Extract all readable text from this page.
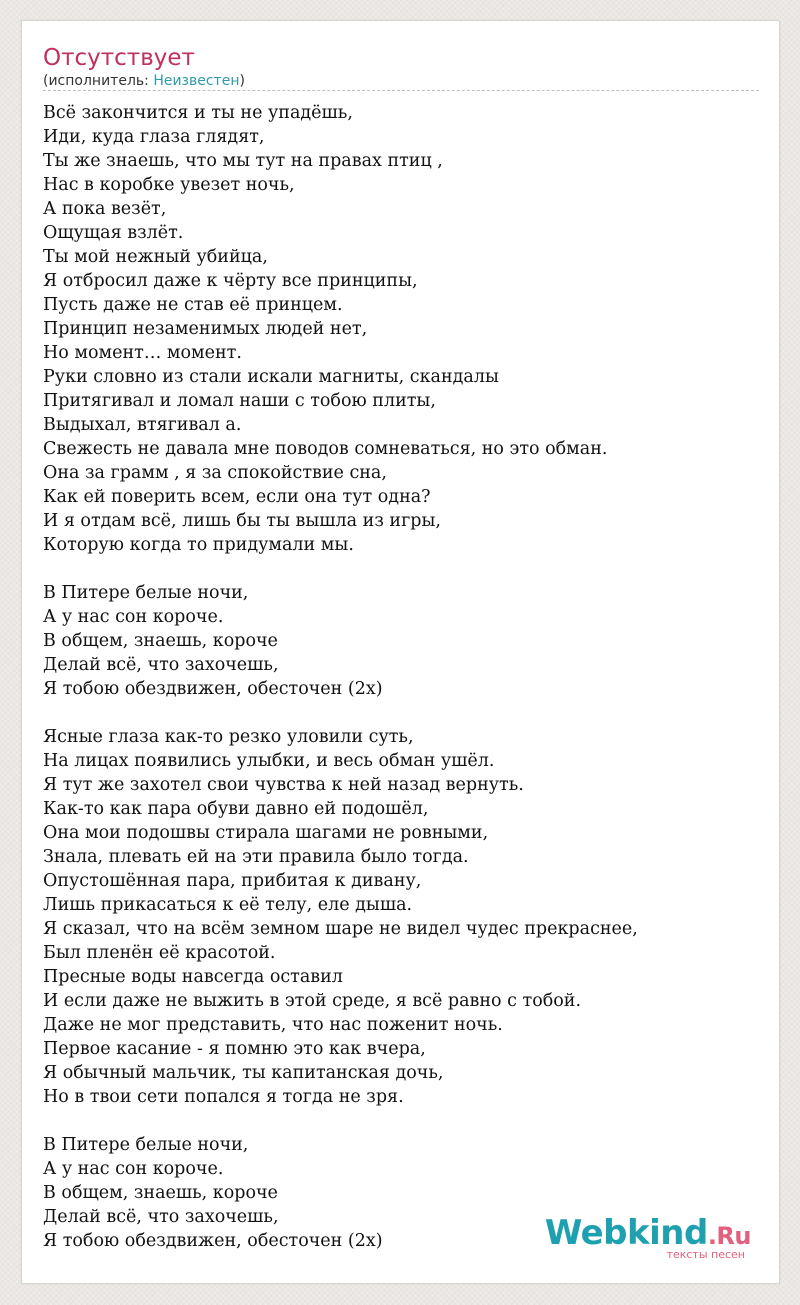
Отсутствует
(исполнитель: Неизвестен)
Всё закончится и ты не упадёшь,
Иди, куда глаза глядят,
Ты же знаешь, что мы тут на правах птиц ,
Нас в коробке увезет ночь,
А пока везёт,
Ощущая взлёт.
Ты мой нежный убийца,
Я отбросил даже к чёрту все принципы,
Пусть даже не став её принцем.
Принцип незаменимых людей нет,
Но момент… момент.
Руки словно из стали искали магниты, скандалы
Притягивал и ломал наши с тобою плиты,
Выдыхал, втягивал а.
Свежесть не давала мне поводов сомневаться, но это обман.
Она за грамм , я за спокойствие сна,
Как ей поверить всем, если она тут одна?
И я отдам всё, лишь бы ты вышла из игры,
Которую когда то придумали мы.
В Питере белые ночи,
А у нас сон короче.
В общем, знаешь, короче
Делай всё, что захочешь,
Я тобою обездвижен, обесточен (2х)
Ясные глаза как-то резко уловили суть,
На лицах появились улыбки, и весь обман ушёл.
Я тут же захотел свои чувства к ней назад вернуть.
Как-то как пара обуви давно ей подошёл,
Она мои подошвы стирала шагами не ровными,
Знала, плевать ей на эти правила было тогда.
Опустошённая пара, прибитая к дивану,
Лишь прикасаться к её телу, еле дыша.
Я сказал, что на всём земном шаре не видел чудес прекраснее,
Был пленён её красотой.
Пресные воды навсегда оставил
И если даже не выжить в этой среде, я всё равно с тобой.
Даже не мог представить, что нас поженит ночь.
Первое касание - я помню это как вчера,
Я обычный мальчик, ты капитанская дочь,
Но в твои сети попался я тогда не зря.
В Питере белые ночи,
А у нас сон короче.
В общем, знаешь, короче
Делай всё, что захочешь,
Я тобою обездвижен, обесточен (2х)	Webkind.Ru
тексты песен
